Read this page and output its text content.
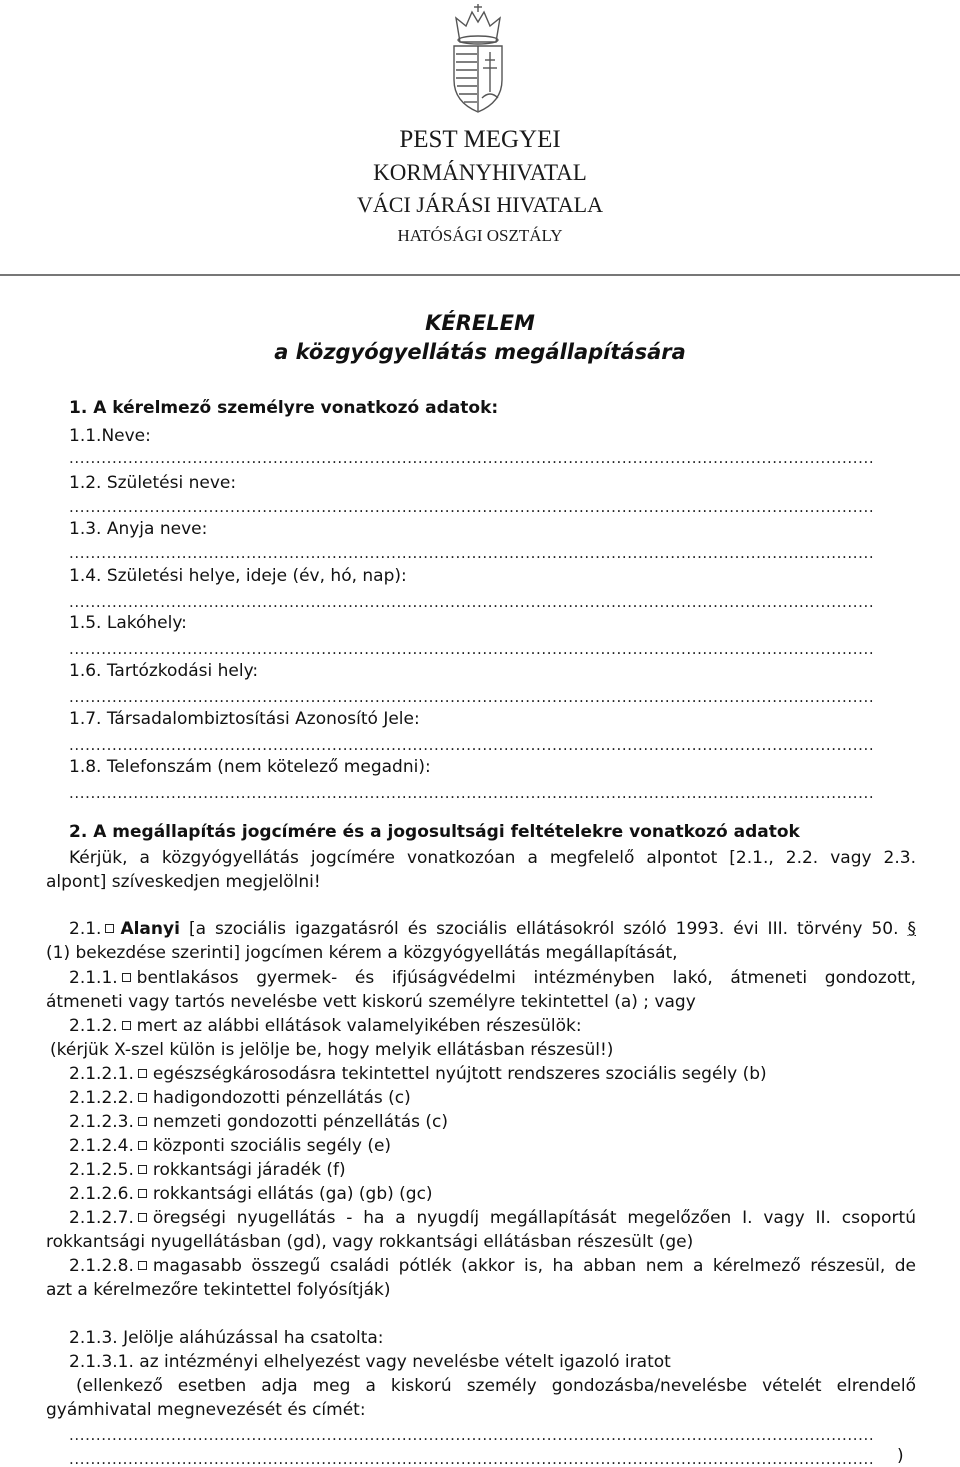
PEST MEGYEI
KORMÁNYHIVATAL
VÁCI JÁRÁSI HIVATALA
HATÓSÁGI OSZTÁLY
KÉRELEM
a közgyógyellátás megállapítására
1. A kérelmező személyre vonatkozó adatok:
1.1.Neve:
......................................................................................................................................................
1.2. Születési neve:
......................................................................................................................................................
1.3. Anyja neve:
......................................................................................................................................................
1.4. Születési helye, ideje (év, hó, nap):
......................................................................................................................................................
1.5. Lakóhely:
......................................................................................................................................................
1.6. Tartózkodási hely:
......................................................................................................................................................
1.7. Társadalombiztosítási Azonosító Jele:
......................................................................................................................................................
1.8. Telefonszám (nem kötelező megadni):
......................................................................................................................................................
2. A megállapítás jogcímére és a jogosultsági feltételekre vonatkozó adatok
Kérjük, a közgyógyellátás jogcímére vonatkozóan a megfelelő alpontot [2.1., 2.2. vagy 2.3.
alpont] szíveskedjen megjelölni!
2.1. Alanyi [a szociális igazgatásról és szociális ellátásokról szóló 1993. évi III. törvény 50. §
(1) bekezdése szerinti] jogcímen kérem a közgyógyellátás megállapítását,
2.1.1. bentlakásos gyermek- és ifjúságvédelmi intézményben lakó, átmeneti gondozott,
átmeneti vagy tartós nevelésbe vett kiskorú személyre tekintettel (a) ; vagy
2.1.2. mert az alábbi ellátások valamelyikében részesülök:
(kérjük X-szel külön is jelölje be, hogy melyik ellátásban részesül!)
2.1.2.1. egészségkárosodásra tekintettel nyújtott rendszeres szociális segély (b)
2.1.2.2. hadigondozotti pénzellátás (c)
2.1.2.3. nemzeti gondozotti pénzellátás (c)
2.1.2.4. központi szociális segély (e)
2.1.2.5. rokkantsági járadék (f)
2.1.2.6. rokkantsági ellátás (ga) (gb) (gc)
2.1.2.7. öregségi nyugellátás - ha a nyugdíj megállapítását megelőzően I. vagy II. csoportú
rokkantsági nyugellátásban (gd), vagy rokkantsági ellátásban részesült (ge)
2.1.2.8. magasabb összegű családi pótlék (akkor is, ha abban nem a kérelmező részesül, de
azt a kérelmezőre tekintettel folyósítják)
2.1.3. Jelölje aláhúzással ha csatolta:
2.1.3.1. az intézményi elhelyezést vagy nevelésbe vételt igazoló iratot
(ellenkező esetben adja meg a kiskorú személy gondozásba/nevelésbe vételét elrendelő
gyámhivatal megnevezését és címét:
......................................................................................................................................................
......................................................................................................................................................	)
